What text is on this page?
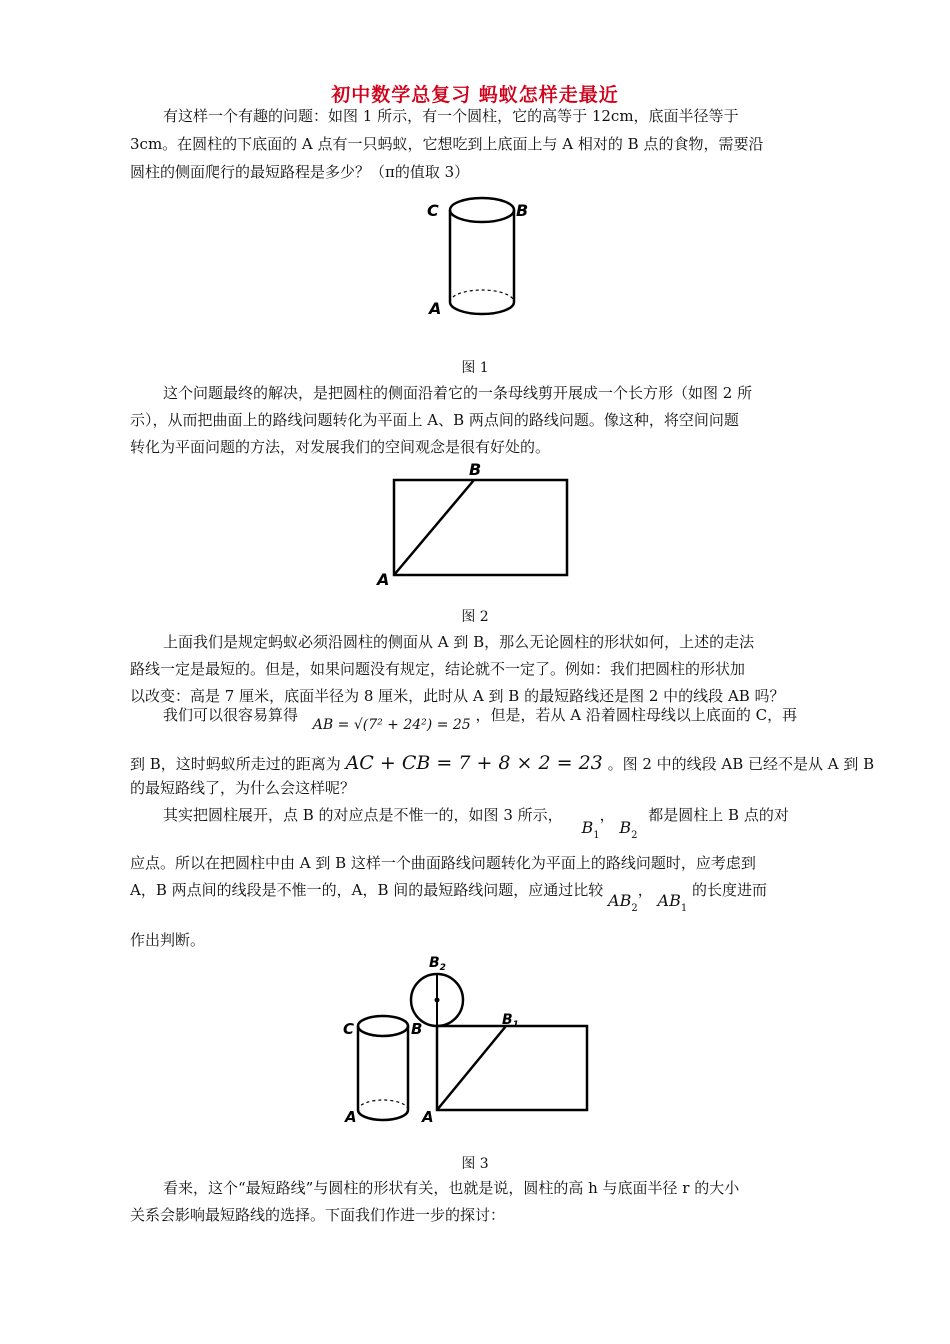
初中数学总复习 蚂蚁怎样走最近
有这样一个有趣的问题：如图 1 所示，有一个圆柱，它的高等于 12cm，底面半径等于
3cm。在圆柱的下底面的 A 点有一只蚂蚁，它想吃到上底面上与 A 相对的 B 点的食物，需要沿
圆柱的侧面爬行的最短路程是多少？（π的值取 3）
C	B
A
图 1
这个问题最终的解决，是把圆柱的侧面沿着它的一条母线剪开展成一个长方形（如图 2 所
示），从而把曲面上的路线问题转化为平面上 A、B 两点间的路线问题。像这种，将空间问题
转化为平面问题的方法，对发展我们的空间观念是很有好处的。
B
A
图 2
上面我们是规定蚂蚁必须沿圆柱的侧面从 A 到 B，那么无论圆柱的形状如何，上述的走法
路线一定是最短的。但是，如果问题没有规定，结论就不一定了。例如：我们把圆柱的形状加
以改变：高是 7 厘米，底面半径为 8 厘米，此时从 A 到 B 的最短路线还是图 2 中的线段 AB 吗？
我们可以很容易算得 AB = √(7² + 24²) = 25 ，但是，若从 A 沿着圆柱母线以上底面的 C，再
到 B，这时蚂蚁所走过的距离为 AC + CB = 7 + 8 × 2 = 23 。图 2 中的线段 AB 已经不是从 A 到 B
的最短路线了，为什么会这样呢？
其实把圆柱展开，点 B 的对应点是不惟一的，如图 3 所示， $B_1$， $B_2$ 都是圆柱上 B 点的对
应点。所以在把圆柱中由 A 到 B 这样一个曲面路线问题转化为平面上的路线问题时，应考虑到
A，B 两点间的线段是不惟一的，A，B 间的最短路线问题，应通过比较 $AB_2$， $AB_1$ 的长度进而
作出判断。
$B_2$
C	B	$B_1$
A	A
图 3
看来，这个“最短路线”与圆柱的形状有关，也就是说，圆柱的高 h 与底面半径 r 的大小
关系会影响最短路线的选择。下面我们作进一步的探讨：
